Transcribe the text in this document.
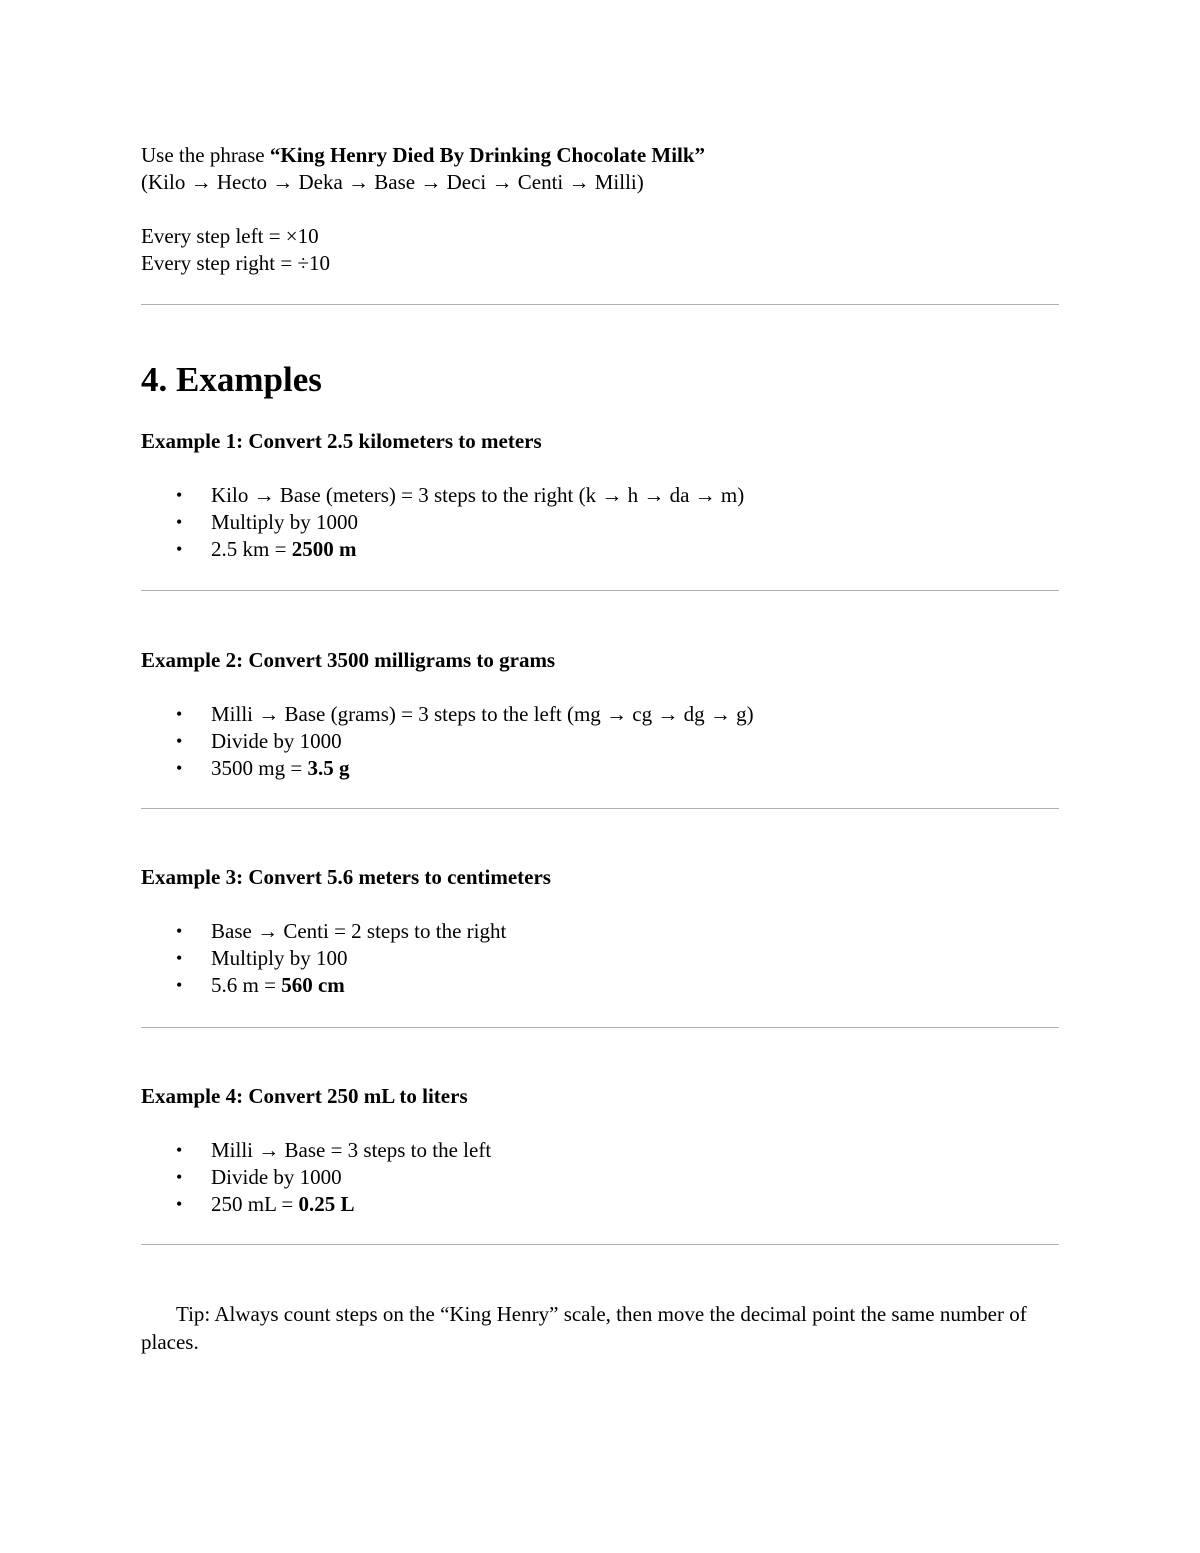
Use the phrase “King Henry Died By Drinking Chocolate Milk”

(Kilo → Hecto → Deka → Base → Deci → Centi → Milli)

Every step left = ×10

Every step right = ÷10

4. Examples
Example 1: Convert 2.5 kilometers to meters
• Kilo → Base (meters) = 3 steps to the right (k → h → da → m)
• Multiply by 1000
• 2.5 km = 2500 m
Example 2: Convert 3500 milligrams to grams
• Milli → Base (grams) = 3 steps to the left (mg → cg → dg → g)
• Divide by 1000
• 3500 mg = 3.5 g
Example 3: Convert 5.6 meters to centimeters
• Base → Centi = 2 steps to the right
• Multiply by 100
• 5.6 m = 560 cm
Example 4: Convert 250 mL to liters
• Milli → Base = 3 steps to the left
• Divide by 1000
• 250 mL = 0.25 L

Tip: Always count steps on the “King Henry” scale, then move the decimal point the same number of places.
